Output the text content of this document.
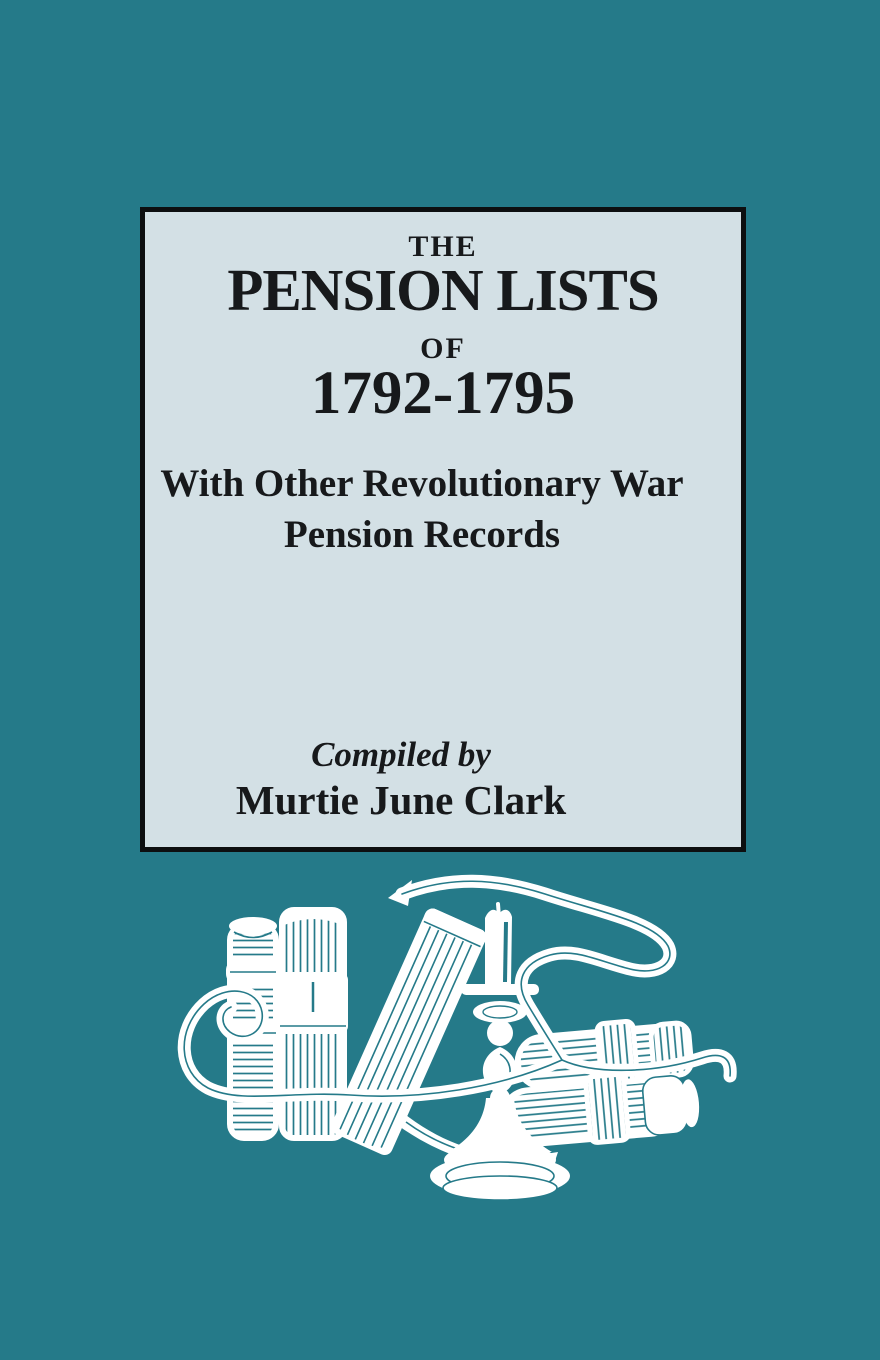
THE
PENSION LISTS
OF
1792-1795
With Other Revolutionary War
Pension Records
Compiled by
Murtie June Clark
